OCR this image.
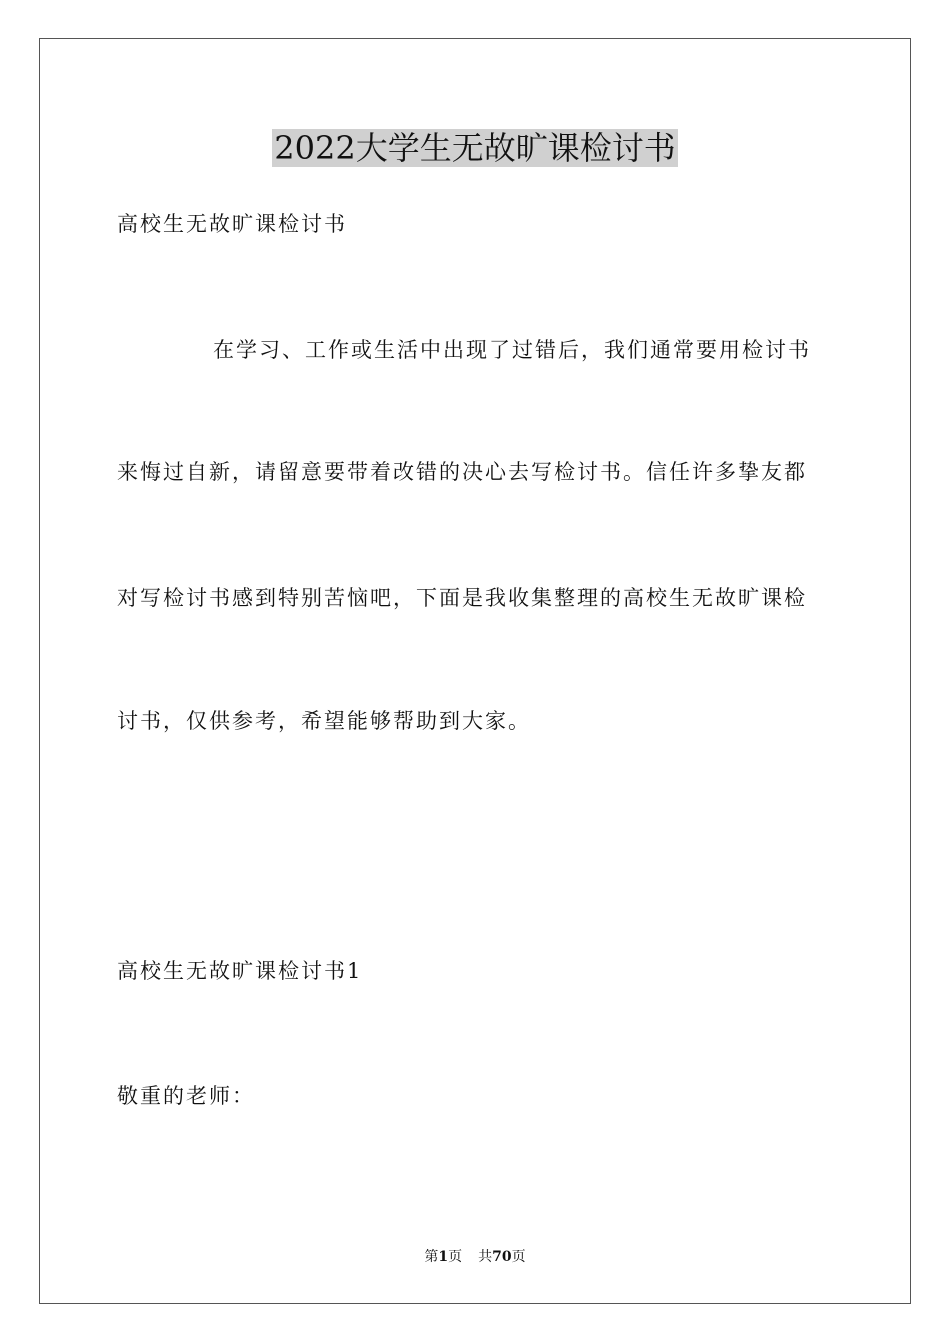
2022大学生无故旷课检讨书

高校生无故旷课检讨书

在学习、工作或生活中出现了过错后，我们通常要用检讨书

来悔过自新，请留意要带着改错的决心去写检讨书。信任许多挚友都

对写检讨书感到特别苦恼吧，下面是我收集整理的高校生无故旷课检

讨书，仅供参考，希望能够帮助到大家。

高校生无故旷课检讨书1

敬重的老师：

第1页 共70页
